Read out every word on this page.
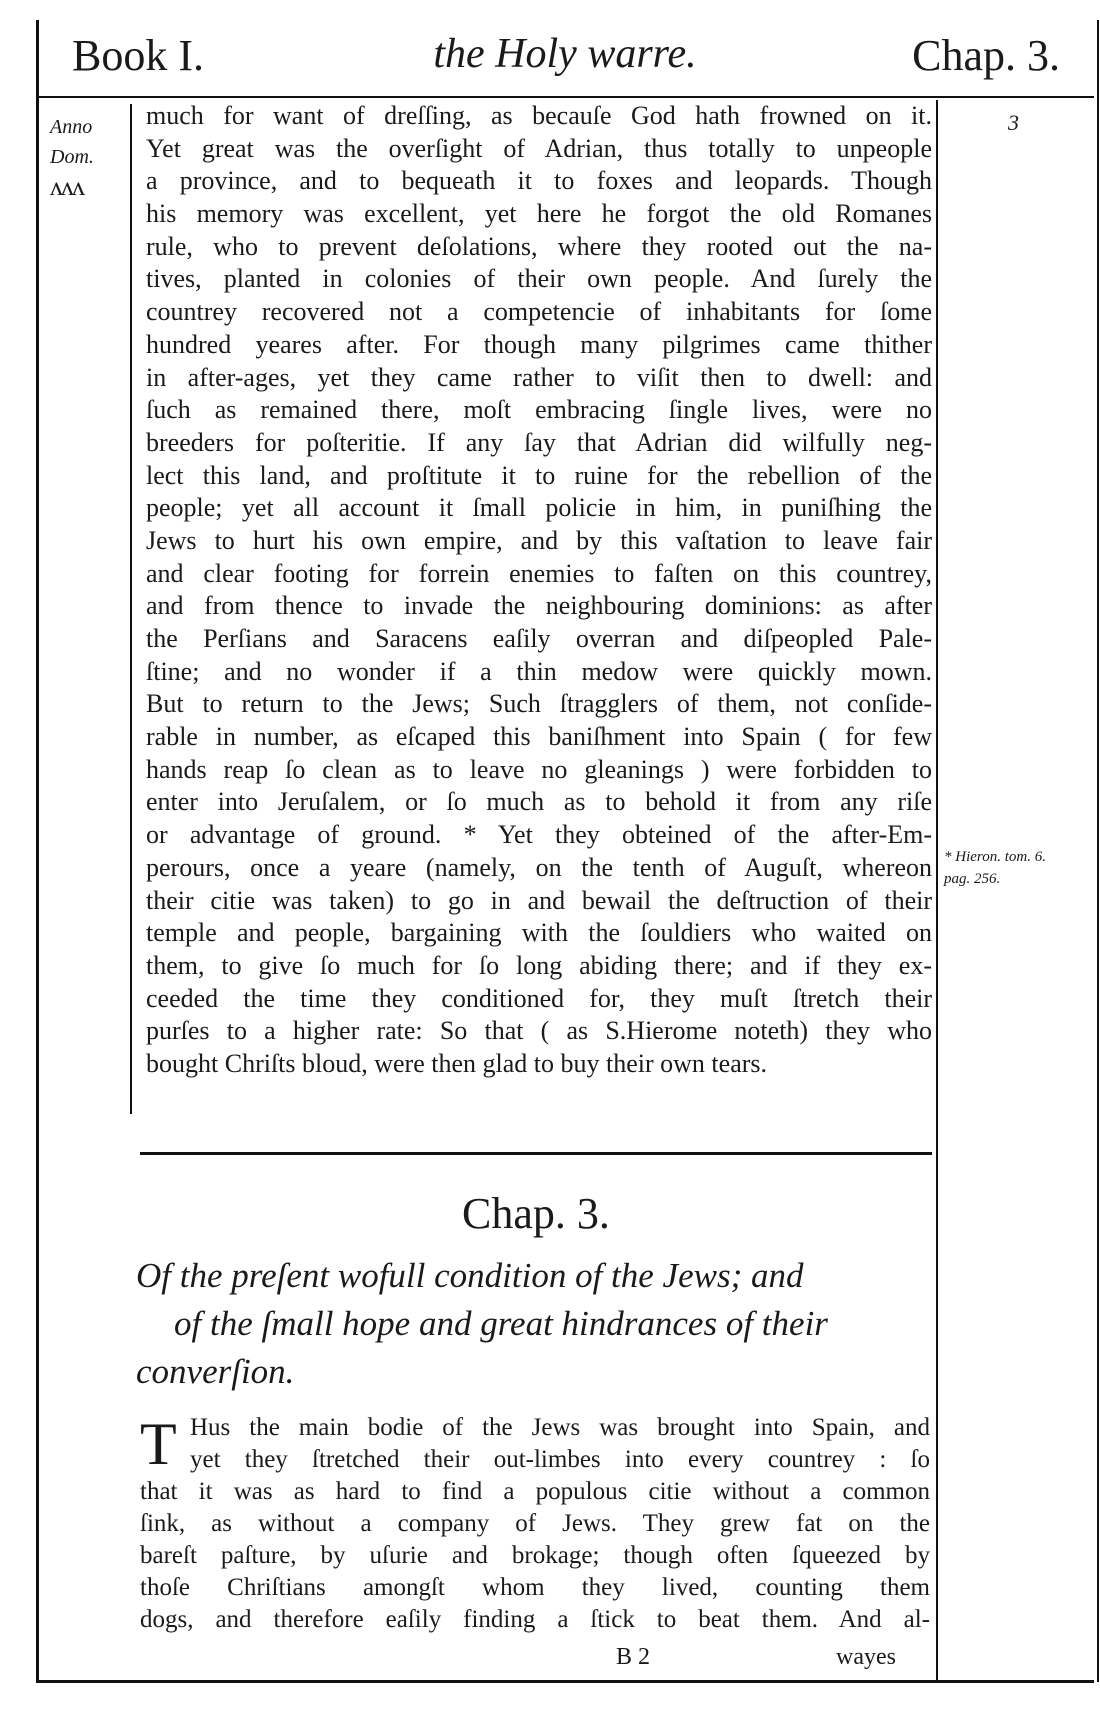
Book I.	the Holy warre.	Chap. 3.
Anno
Dom.
ʌʌʌ
3
* Hieron. tom. 6. pag. 256.
much for want of dreſſing, as becauſe God hath frowned on it.
Yet great was the overſight of Adrian, thus totally to unpeople
a province, and to bequeath it to foxes and leopards. Though
his memory was excellent, yet here he forgot the old Romanes
rule, who to prevent deſolations, where they rooted out the na-
tives, planted in colonies of their own people. And ſurely the
countrey recovered not a competencie of inhabitants for ſome
hundred yeares after. For though many pilgrimes came thither
in after-ages, yet they came rather to viſit then to dwell: and
ſuch as remained there, moſt embracing ſingle lives, were no
breeders for poſteritie. If any ſay that Adrian did wilfully neg-
lect this land, and proſtitute it to ruine for the rebellion of the
people; yet all account it ſmall policie in him, in puniſhing the
Jews to hurt his own empire, and by this vaſtation to leave fair
and clear footing for forrein enemies to faſten on this countrey,
and from thence to invade the neighbouring dominions: as after
the Perſians and Saracens eaſily overran and diſpeopled Pale-
ſtine; and no wonder if a thin medow were quickly mown.
But to return to the Jews; Such ſtragglers of them, not conſide-
rable in number, as eſcaped this baniſhment into Spain ( for few
hands reap ſo clean as to leave no gleanings ) were forbidden to
enter into Jeruſalem, or ſo much as to behold it from any riſe
or advantage of ground. * Yet they obteined of the after-Em-
perours, once a yeare (namely, on the tenth of Auguſt, whereon
their citie was taken) to go in and bewail the deſtruction of their
temple and people, bargaining with the ſouldiers who waited on
them, to give ſo much for ſo long abiding there; and if they ex-
ceeded the time they conditioned for, they muſt ſtretch their
purſes to a higher rate: So that ( as S.Hierome noteth) they who
bought Chriſts bloud, were then glad to buy their own tears.
Chap. 3.
Of the preſent wofull condition of the Jews; and
of the ſmall hope and great hindrances of their
converſion.
T Hus the main bodie of the Jews was brought into Spain, and
yet they ſtretched their out-limbes into every countrey : ſo
that it was as hard to find a populous citie without a common
ſink, as without a company of Jews. They grew fat on the
bareſt paſture, by uſurie and brokage; though often ſqueezed by
thoſe Chriſtians amongſt whom they lived, counting them
dogs, and therefore eaſily finding a ſtick to beat them. And al-
B 2	wayes
